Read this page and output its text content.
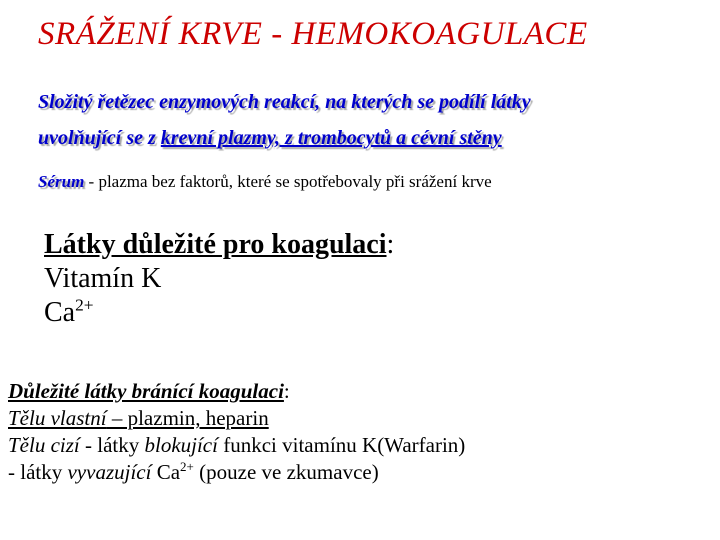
SRÁŽENÍ KRVE - HEMOKOAGULACE
Složitý řetězec enzymových reakcí, na kterých se podílí látky
uvolňující se z krevní plazmy, z trombocytů a cévní stěny
Sérum - plazma bez faktorů, které se spotřebovaly při srážení krve
Látky důležité pro koagulaci:
Vitamín K
$Ca^{2+}$
Důležité látky bránící koagulaci:
Tělu vlastní – plazmin, heparin
Tělu cizí - látky blokující funkci vitamínu K(Warfarin)
- látky vyvazující $Ca^{2+}$ (pouze ve zkumavce)
